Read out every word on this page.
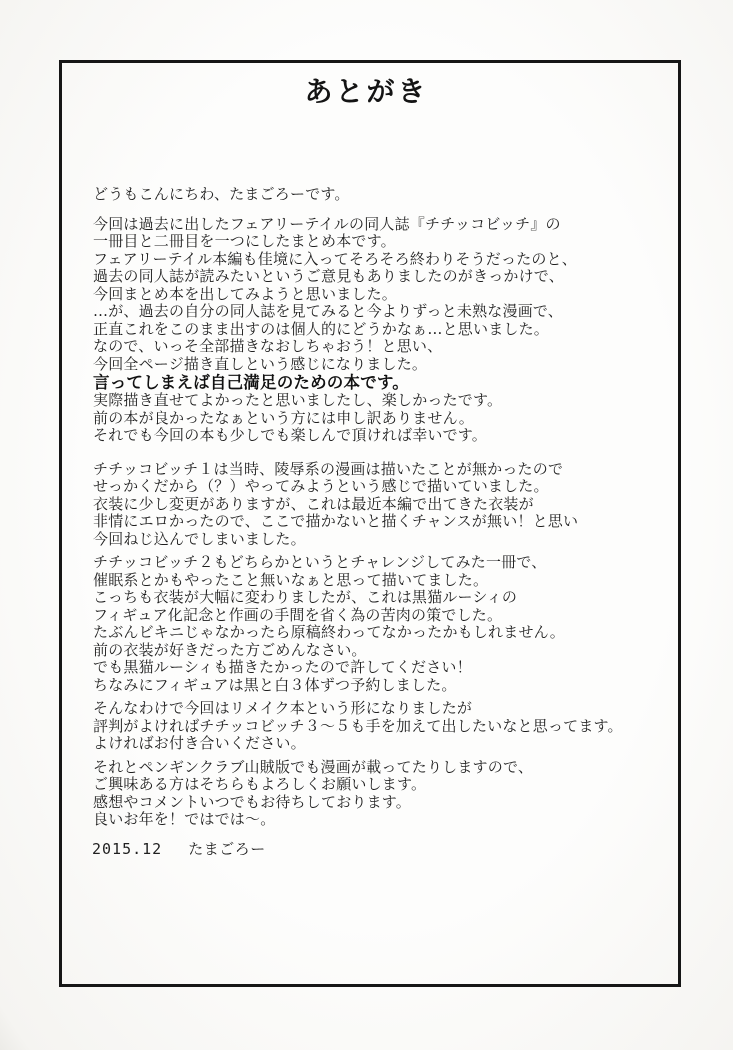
あとがき
どうもこんにちわ、たまごろーです。
今回は過去に出したフェアリーテイルの同人誌『チチッコビッチ』の
一冊目と二冊目を一つにしたまとめ本です。
フェアリーテイル本編も佳境に入ってそろそろ終わりそうだったのと、
過去の同人誌が読みたいというご意見もありましたのがきっかけで、
今回まとめ本を出してみようと思いました。
…が、過去の自分の同人誌を見てみると今よりずっと未熟な漫画で、
正直これをこのまま出すのは個人的にどうかなぁ…と思いました。
なので、いっそ全部描きなおしちゃおう！と思い、
今回全ページ描き直しという感じになりました。
言ってしまえば自己満足のための本です。
実際描き直せてよかったと思いましたし、楽しかったです。
前の本が良かったなぁという方には申し訳ありません。
それでも今回の本も少しでも楽しんで頂ければ幸いです。
チチッコビッチ１は当時、陵辱系の漫画は描いたことが無かったので
せっかくだから（？）やってみようという感じで描いていました。
衣装に少し変更がありますが、これは最近本編で出てきた衣装が
非情にエロかったので、ここで描かないと描くチャンスが無い！と思い
今回ねじ込んでしまいました。
チチッコビッチ２もどちらかというとチャレンジしてみた一冊で、
催眠系とかもやったこと無いなぁと思って描いてました。
こっちも衣装が大幅に変わりましたが、これは黒猫ルーシィの
フィギュア化記念と作画の手間を省く為の苦肉の策でした。
たぶんビキニじゃなかったら原稿終わってなかったかもしれません。
前の衣装が好きだった方ごめんなさい。
でも黒猫ルーシィも描きたかったので許してください！
ちなみにフィギュアは黒と白３体ずつ予約しました。
そんなわけで今回はリメイク本という形になりましたが
評判がよければチチッコビッチ３～５も手を加えて出したいなと思ってます。
よければお付き合いください。
それとペンギンクラブ山賊版でも漫画が載ってたりしますので、
ご興味ある方はそちらもよろしくお願いします。
感想やコメントいつでもお待ちしております。
良いお年を！ではでは～。
2015.12 たまごろー
